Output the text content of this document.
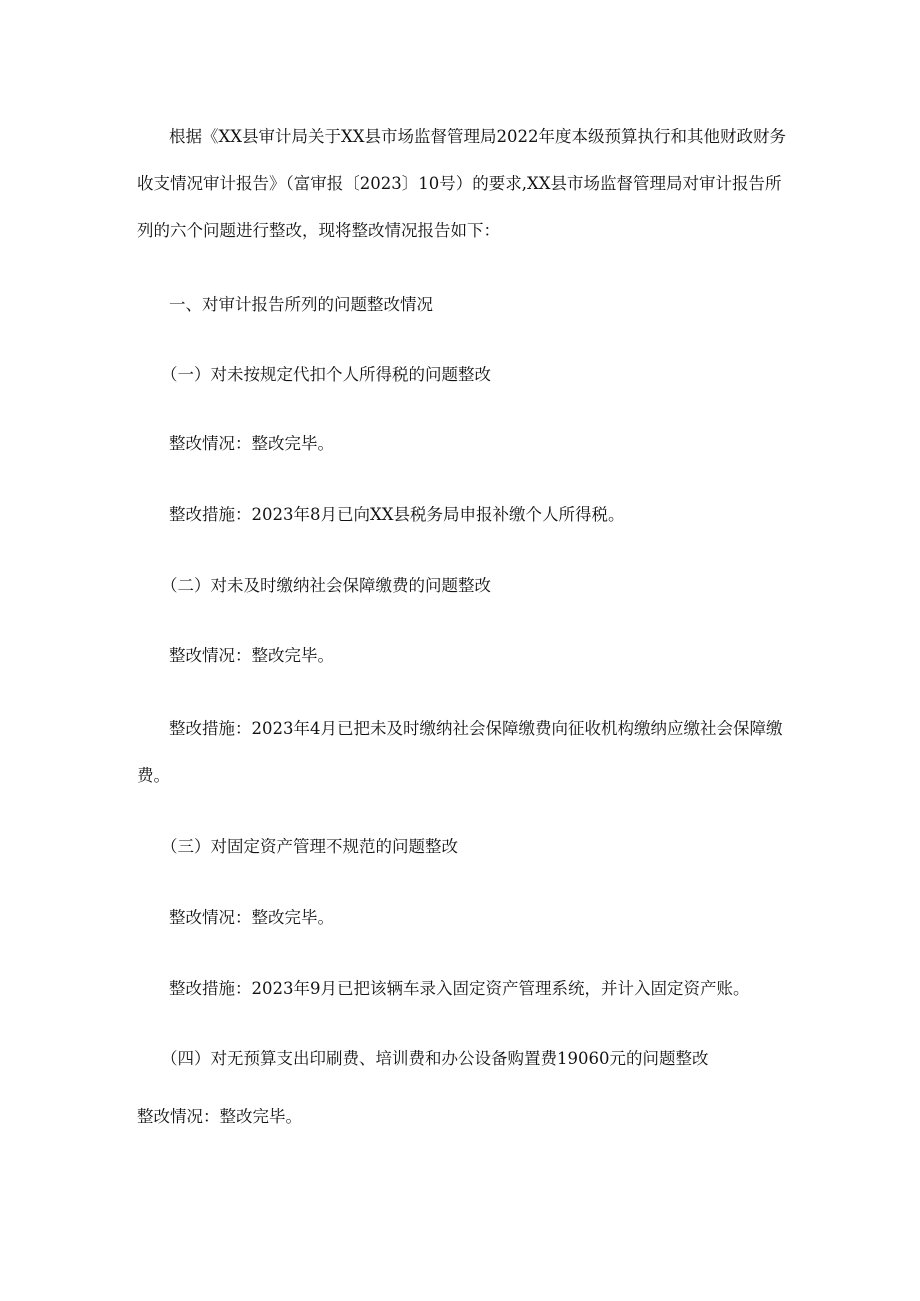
根据《XX县审计局关于XX县市场监督管理局2022年度本级预算执行和其他财政财务收支情况审计报告》（富审报〔2023〕10号）的要求,XX县市场监督管理局对审计报告所列的六个问题进行整改，现将整改情况报告如下：

一、对审计报告所列的问题整改情况

（一）对未按规定代扣个人所得税的问题整改

整改情况：整改完毕。

整改措施：2023年8月已向XX县税务局申报补缴个人所得税。

（二）对未及时缴纳社会保障缴费的问题整改

整改情况：整改完毕。

整改措施：2023年4月已把未及时缴纳社会保障缴费向征收机构缴纳应缴社会保障缴费。

（三）对固定资产管理不规范的问题整改

整改情况：整改完毕。

整改措施：2023年9月已把该辆车录入固定资产管理系统，并计入固定资产账。

（四）对无预算支出印刷费、培训费和办公设备购置费19060元的问题整改

整改情况：整改完毕。
